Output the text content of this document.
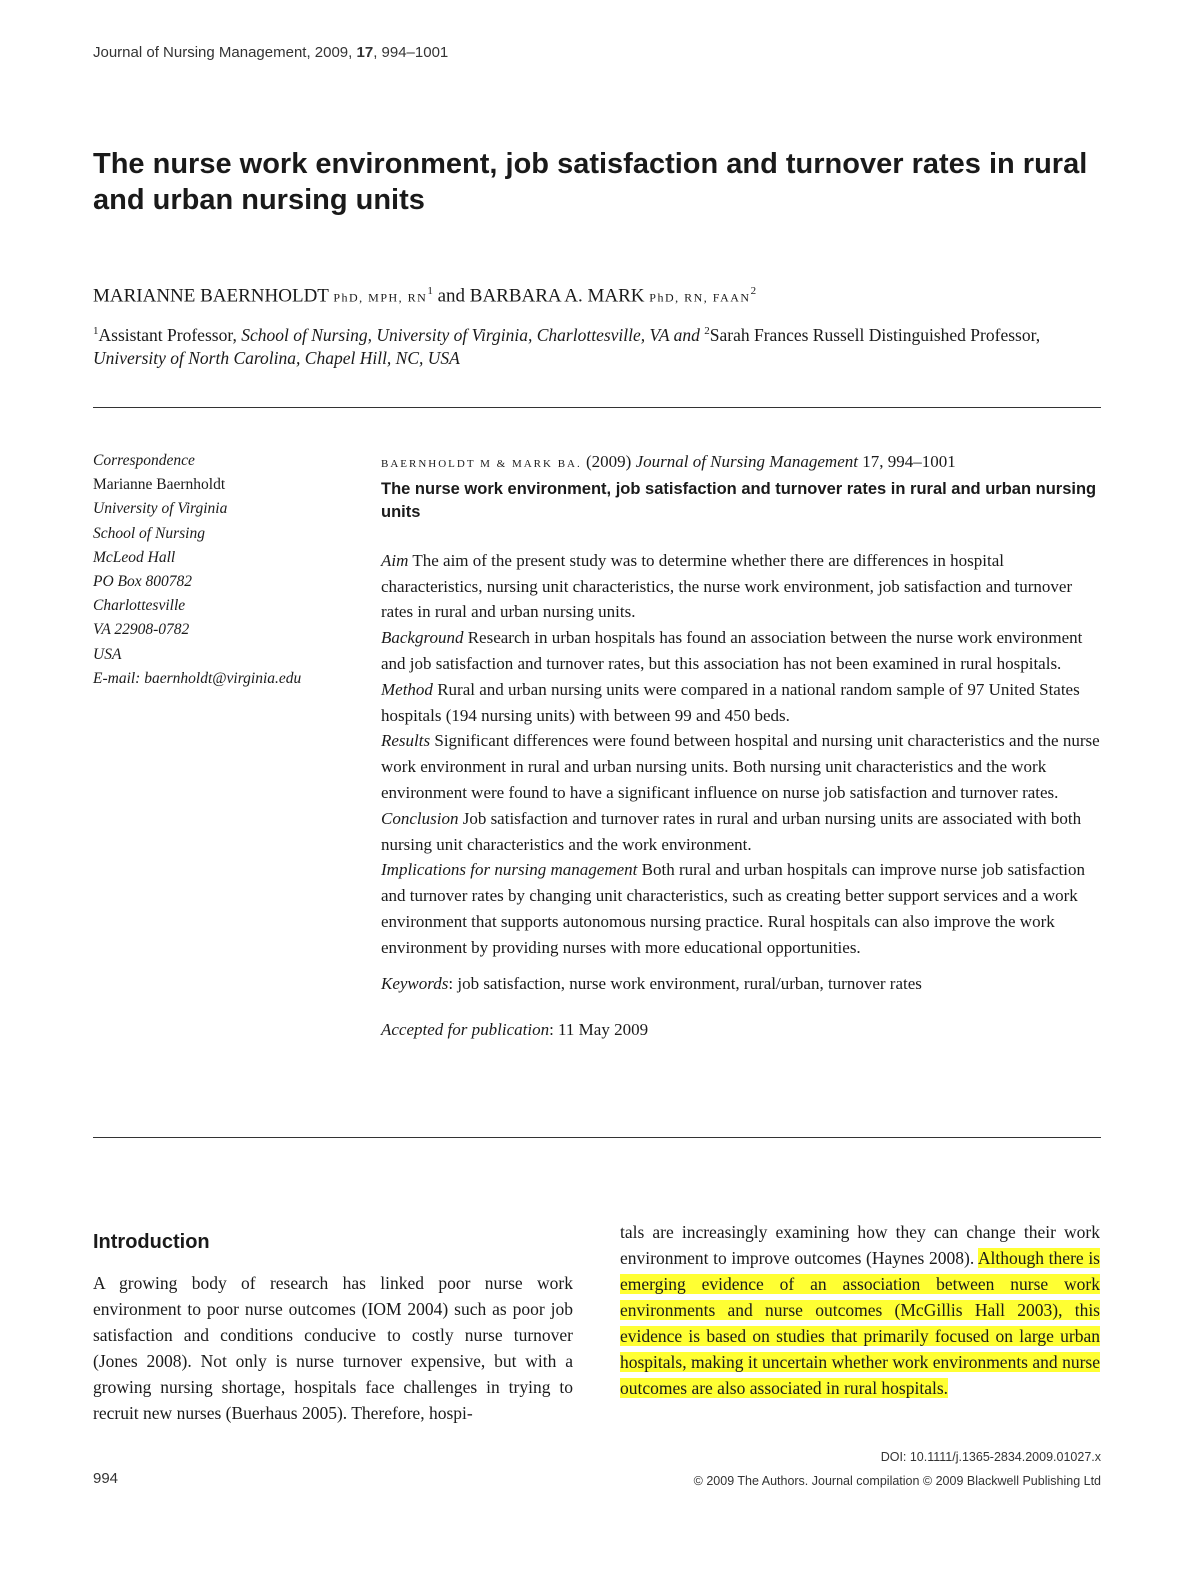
Journal of Nursing Management, 2009, 17, 994–1001
The nurse work environment, job satisfaction and turnover rates in rural and urban nursing units
MARIANNE BAERNHOLDT PhD, MPH, $RN^1$ and BARBARA A. MARK PhD, RN, FAAN$^2$
$^1$Assistant Professor, School of Nursing, University of Virginia, Charlottesville, VA and $^2$Sarah Frances Russell Distinguished Professor, University of North Carolina, Chapel Hill, NC, USA
Correspondence
Marianne Baernholdt
University of Virginia
School of Nursing
McLeod Hall
PO Box 800782
Charlottesville
VA 22908-0782
USA
E-mail: baernholdt@virginia.edu
BAERNHOLDT M & MARK BA. (2009) Journal of Nursing Management 17, 994–1001
The nurse work environment, job satisfaction and turnover rates in rural and urban nursing units

Aim The aim of the present study was to determine whether there are differences in hospital characteristics, nursing unit characteristics, the nurse work environment, job satisfaction and turnover rates in rural and urban nursing units.

Background Research in urban hospitals has found an association between the nurse work environment and job satisfaction and turnover rates, but this association has not been examined in rural hospitals.

Method Rural and urban nursing units were compared in a national random sample of 97 United States hospitals (194 nursing units) with between 99 and 450 beds.

Results Significant differences were found between hospital and nursing unit characteristics and the nurse work environment in rural and urban nursing units. Both nursing unit characteristics and the work environment were found to have a significant influence on nurse job satisfaction and turnover rates.

Conclusion Job satisfaction and turnover rates in rural and urban nursing units are associated with both nursing unit characteristics and the work environment.

Implications for nursing management Both rural and urban hospitals can improve nurse job satisfaction and turnover rates by changing unit characteristics, such as creating better support services and a work environment that supports autonomous nursing practice. Rural hospitals can also improve the work environment by providing nurses with more educational opportunities.

Keywords: job satisfaction, nurse work environment, rural/urban, turnover rates

Accepted for publication: 11 May 2009

Introduction
A growing body of research has linked poor nurse work environment to poor nurse outcomes (IOM 2004) such as poor job satisfaction and conditions conducive to costly nurse turnover (Jones 2008). Not only is nurse turnover expensive, but with a growing nursing shortage, hospitals face challenges in trying to recruit new nurses (Buerhaus 2005). Therefore, hospi-
tals are increasingly examining how they can change their work environment to improve outcomes (Haynes 2008). Although there is emerging evidence of an association between nurse work environments and nurse outcomes (McGillis Hall 2003), this evidence is based on studies that primarily focused on large urban hospitals, making it uncertain whether work environments and nurse outcomes are also associated in rural hospitals.
994
DOI: 10.1111/j.1365-2834.2009.01027.x
© 2009 The Authors. Journal compilation © 2009 Blackwell Publishing Ltd
